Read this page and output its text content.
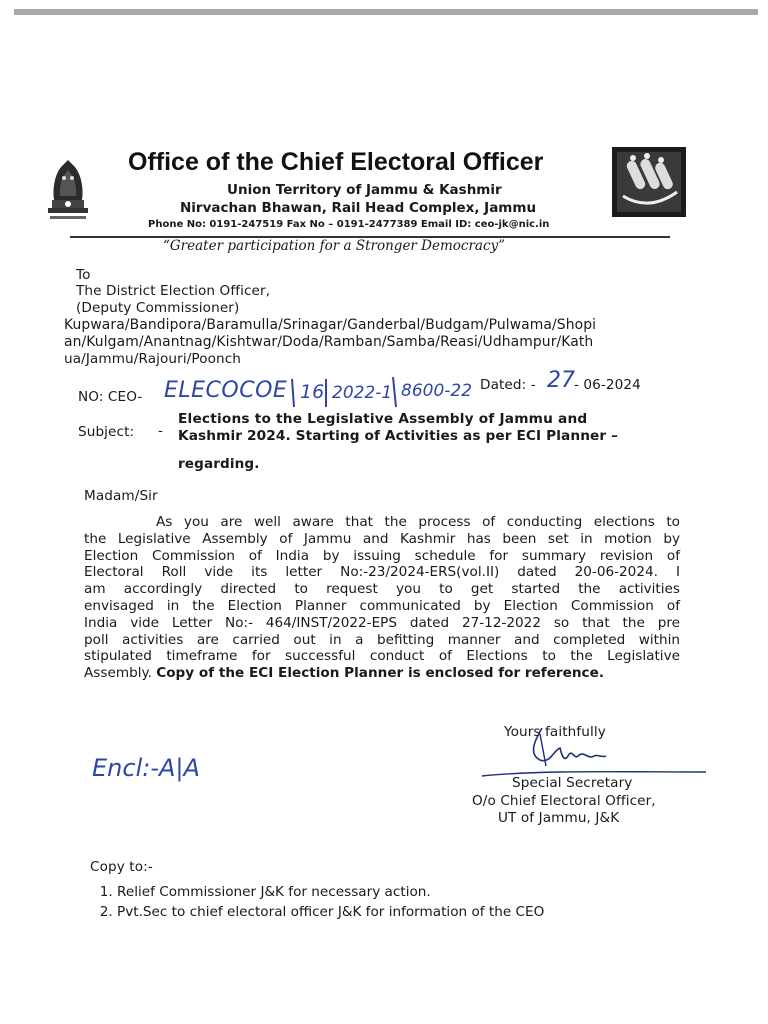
Office of the Chief Electoral Officer
Union Territory of Jammu & Kashmir
Nirvachan Bhawan, Rail Head Complex, Jammu
Phone No: 0191-247519 Fax No – 0191-2477389 Email ID: ceo-jk@nic.in
“Greater participation for a Stronger Democracy”
To
The District Election Officer,
(Deputy Commissioner)
Kupwara/Bandipora/Baramulla/Srinagar/Ganderbal/Budgam/Pulwama/Shopi
an/Kulgam/Anantnag/Kishtwar/Doda/Ramban/Samba/Reasi/Udhampur/Kath
ua/Jammu/Rajouri/Poonch
NO: CEO- ELECOCOE 16 2022-1 8600-22 Dated: - 27 - 06-2024
Subject: -
Elections to the Legislative Assembly of Jammu and
Kashmir 2024. Starting of Activities as per ECI Planner –
regarding.
Madam/Sir
As you are well aware that the process of conducting elections to
the Legislative Assembly of Jammu and Kashmir has been set in motion by
Election Commission of India by issuing schedule for summary revision of
Electoral Roll vide its letter No:-23/2024-ERS(vol.II) dated 20-06-2024. I
am accordingly directed to request you to get started the activities
envisaged in the Election Planner communicated by Election Commission of
India vide Letter No:- 464/INST/2022-EPS dated 27-12-2022 so that the pre
poll activities are carried out in a befitting manner and completed within
stipulated timeframe for successful conduct of Elections to the Legislative
Assembly. Copy of the ECI Election Planner is enclosed for reference.
Encl:-A|A
Yours faithfully
Special Secretary
O/o Chief Electoral Officer,
UT of Jammu, J&K
Copy to:-
1. Relief Commissioner J&K for necessary action.
2. Pvt.Sec to chief electoral officer J&K for information of the CEO
